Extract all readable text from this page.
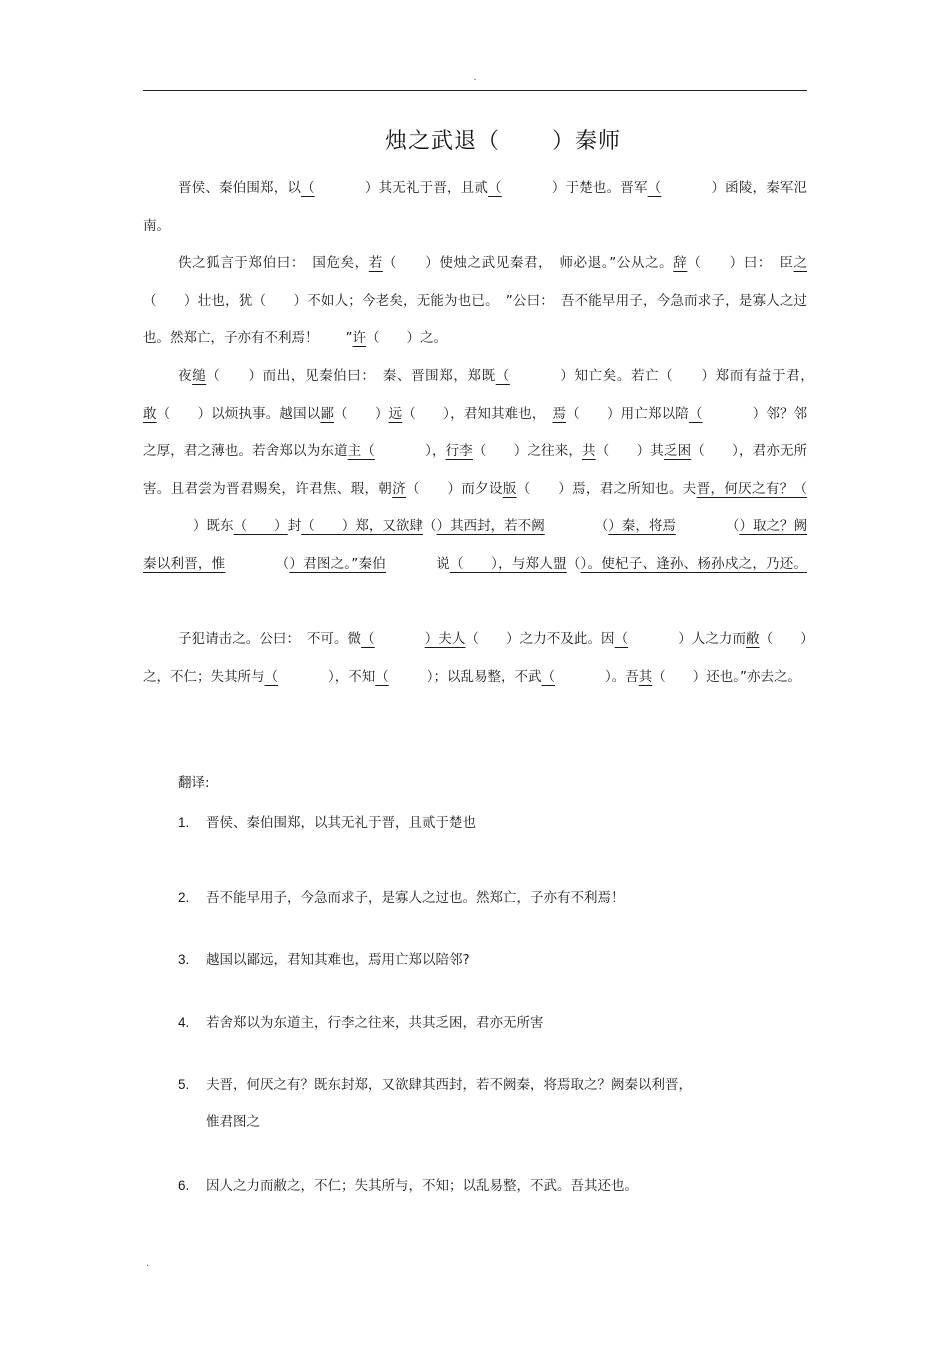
.
烛之武退（ ）秦师

晋侯、秦伯围郑，以（	）其无礼于晋，且贰（	）于楚也。晋军（	）函陵，秦军氾南。

佚之狐言于郑伯曰：　国危矣，若（　　）使烛之武见秦君，　师必退。”公从之。辞（　　）曰：　臣之（　　）壮也，犹（　　）不如人；今老矣，无能为也已。　”公曰：　吾不能早用子，今急而求子，是寡人之过也。然郑亡，子亦有不利焉！　　”许（　　）之。

夜缒（　　）而出，见秦伯曰：　秦、晋围郑，郑既（	）知亡矣。若亡（　　）郑而有益于君，　敢（　　）以烦执事。越国以鄙（　　）远（　　），君知其难也，　焉（　　）用亡郑以陪（	）邻？邻之厚，君之薄也。若舍郑以为东道主（	），行李（　　）之往来，共（　　）其乏困（　　），君亦无所害。且君尝为晋君赐矣，许君焦、瑕，朝济（　　）而夕设版（　　）焉，君之所知也。夫晋，何厌之有？（）既东（　　）封（　　）郑，又欲肆（）其西封，若不阙	（）秦，将焉	（）取之？阙秦以利晋，惟	（）君图之。”秦伯	说（　　），与郑人盟（）。使杞子、逢孙、杨孙戍之，乃还。

子犯请击之。公曰：　不可。微（	）夫人（　　）之力不及此。因（	）人之力而敝（　　）之，不仁；失其所与（	），不知（	）；以乱易整，不武（	）。吾其（　　）还也。”亦去之。

翻译:
1.	晋侯、秦伯围郑，以其无礼于晋，且贰于楚也
2.	吾不能早用子，今急而求子，是寡人之过也。然郑亡，子亦有不利焉！
3.	越国以鄙远，君知其难也，焉用亡郑以陪邻?
4.	若舍郑以为东道主，行李之往来，共其乏困，君亦无所害
5.	夫晋，何厌之有？既东封郑，又欲肆其西封，若不阙秦，将焉取之？阙秦以利晋，
惟君图之
6.	因人之力而敝之，不仁；失其所与，不知；以乱易整，不武。吾其还也。
.
